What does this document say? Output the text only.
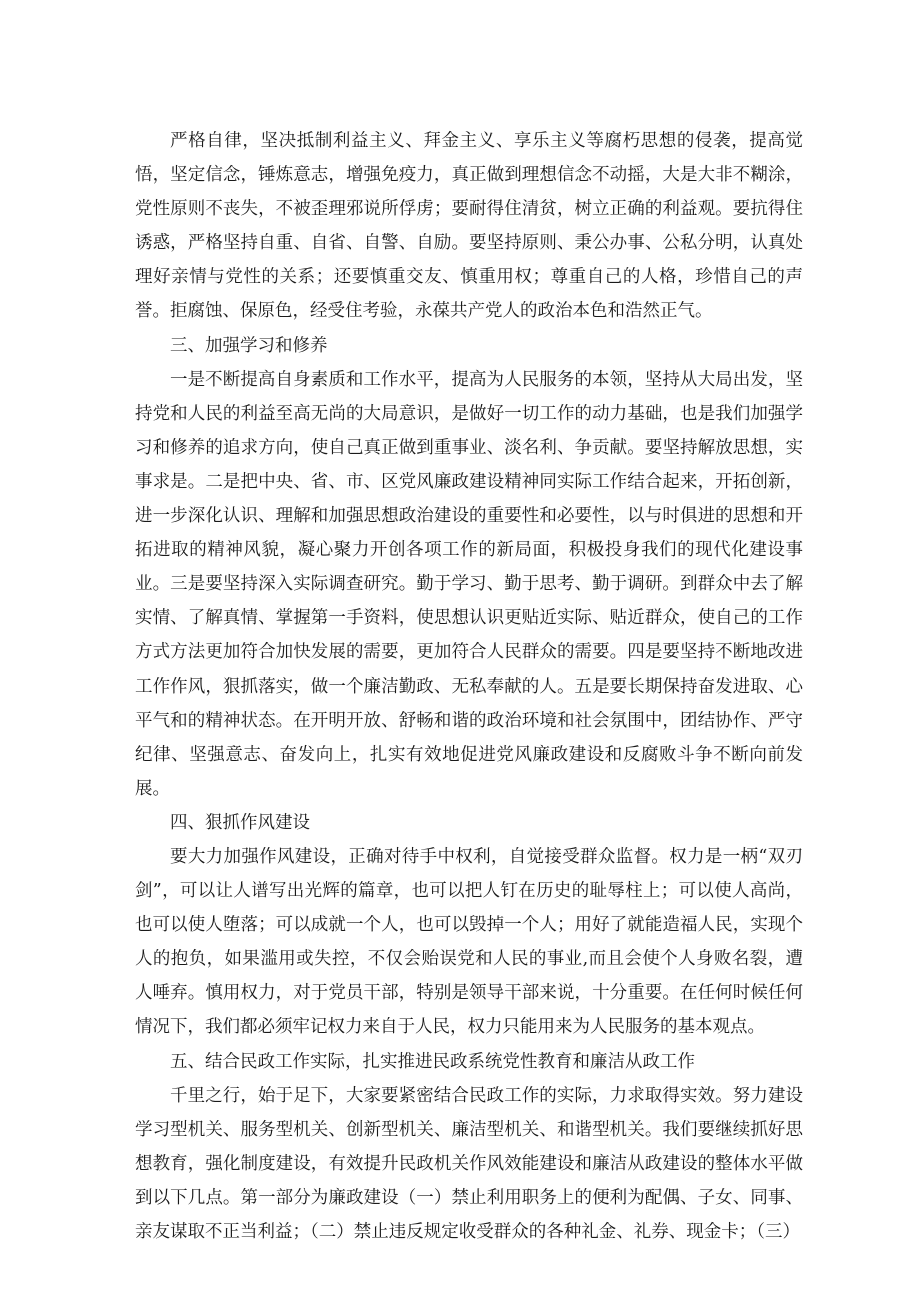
严格自律，坚决抵制利益主义、拜金主义、享乐主义等腐朽思想的侵袭，提高觉悟，坚定信念，锤炼意志，增强免疫力，真正做到理想信念不动摇，大是大非不糊涂，党性原则不丧失，不被歪理邪说所俘虏；要耐得住清贫，树立正确的利益观。要抗得住诱惑，严格坚持自重、自省、自警、自励。要坚持原则、秉公办事、公私分明，认真处理好亲情与党性的关系；还要慎重交友、慎重用权；尊重自己的人格，珍惜自己的声誉。拒腐蚀、保原色，经受住考验，永葆共产党人的政治本色和浩然正气。

三、加强学习和修养

一是不断提高自身素质和工作水平，提高为人民服务的本领，坚持从大局出发，坚持党和人民的利益至高无尚的大局意识，是做好一切工作的动力基础，也是我们加强学习和修养的追求方向，使自己真正做到重事业、淡名利、争贡献。要坚持解放思想，实事求是。二是把中央、省、市、区党风廉政建设精神同实际工作结合起来，开拓创新，进一步深化认识、理解和加强思想政治建设的重要性和必要性，以与时俱进的思想和开拓进取的精神风貌，凝心聚力开创各项工作的新局面，积极投身我们的现代化建设事业。三是要坚持深入实际调查研究。勤于学习、勤于思考、勤于调研。到群众中去了解实情、了解真情、掌握第一手资料，使思想认识更贴近实际、贴近群众，使自己的工作方式方法更加符合加快发展的需要，更加符合人民群众的需要。四是要坚持不断地改进工作作风，狠抓落实，做一个廉洁勤政、无私奉献的人。五是要长期保持奋发进取、心平气和的精神状态。在开明开放、舒畅和谐的政治环境和社会氛围中，团结协作、严守纪律、坚强意志、奋发向上，扎实有效地促进党风廉政建设和反腐败斗争不断向前发展。

四、狠抓作风建设

要大力加强作风建设，正确对待手中权利，自觉接受群众监督。权力是一柄“双刃剑”，可以让人谱写出光辉的篇章，也可以把人钉在历史的耻辱柱上；可以使人高尚，也可以使人堕落；可以成就一个人，也可以毁掉一个人；用好了就能造福人民，实现个人的抱负，如果滥用或失控，不仅会贻误党和人民的事业,而且会使个人身败名裂，遭人唾弃。慎用权力，对于党员干部，特别是领导干部来说，十分重要。在任何时候任何情况下，我们都必须牢记权力来自于人民，权力只能用来为人民服务的基本观点。

五、结合民政工作实际，扎实推进民政系统党性教育和廉洁从政工作

千里之行，始于足下，大家要紧密结合民政工作的实际，力求取得实效。努力建设学习型机关、服务型机关、创新型机关、廉洁型机关、和谐型机关。我们要继续抓好思想教育，强化制度建设，有效提升民政机关作风效能建设和廉洁从政建设的整体水平做到以下几点。第一部分为廉政建设（一）禁止利用职务上的便利为配偶、子女、同事、亲友谋取不正当利益；（二）禁止违反规定收受群众的各种礼金、礼券、现金卡；（三）
